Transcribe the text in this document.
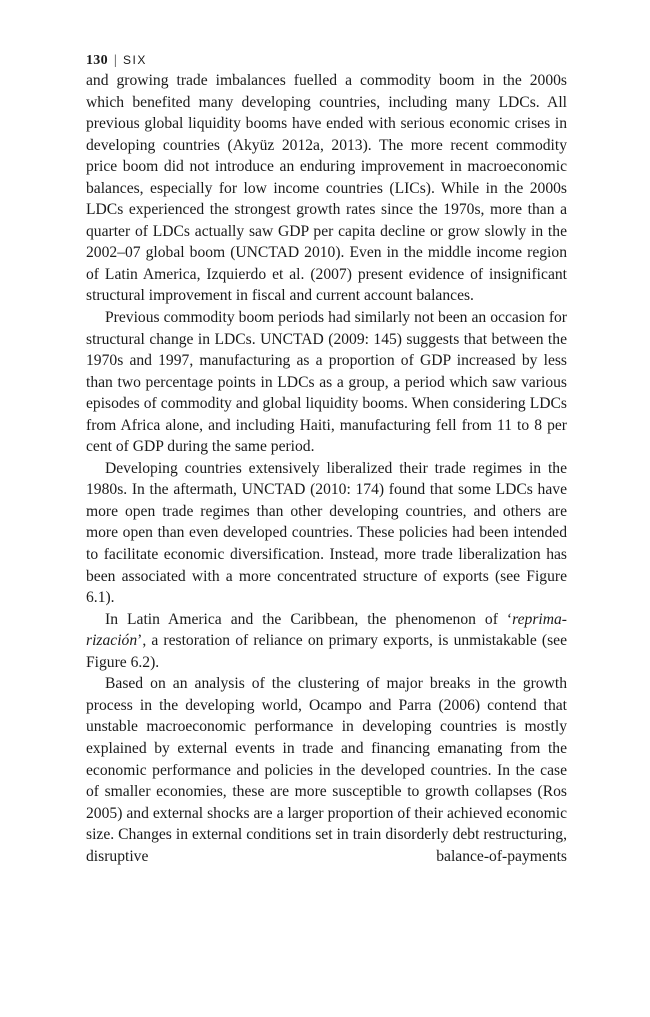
130 | SIX

and growing trade imbalances fuelled a commodity boom in the 2000s which benefited many developing countries, including many LDCs. All previous global liquidity booms have ended with serious economic crises in developing countries (Akyüz 2012a, 2013). The more recent commodity price boom did not introduce an enduring improvement in macroeconomic balances, especially for low income countries (LICs). While in the 2000s LDCs experienced the strongest growth rates since the 1970s, more than a quarter of LDCs actually saw GDP per capita decline or grow slowly in the 2002–07 global boom (UNCTAD 2010). Even in the middle income region of Latin America, Izquierdo et al. (2007) present evidence of insignificant structural improvement in fiscal and current account balances.

Previous commodity boom periods had similarly not been an occasion for structural change in LDCs. UNCTAD (2009: 145) suggests that between the 1970s and 1997, manufacturing as a proportion of GDP increased by less than two percentage points in LDCs as a group, a period which saw various episodes of commodity and global liquidity booms. When considering LDCs from Africa alone, and including Haiti, manufacturing fell from 11 to 8 per cent of GDP during the same period.

Developing countries extensively liberalized their trade regimes in the 1980s. In the aftermath, UNCTAD (2010: 174) found that some LDCs have more open trade regimes than other developing countries, and others are more open than even developed countries. These policies had been intended to facilitate economic diversification. Instead, more trade liberalization has been associated with a more concentrated structure of exports (see Figure 6.1).

In Latin America and the Caribbean, the phenomenon of ‘reprimarización’, a restoration of reliance on primary exports, is unmistakable (see Figure 6.2).

Based on an analysis of the clustering of major breaks in the growth process in the developing world, Ocampo and Parra (2006) contend that unstable macroeconomic performance in developing countries is mostly explained by external events in trade and financing emanating from the economic performance and policies in the developed countries. In the case of smaller economies, these are more susceptible to growth collapses (Ros 2005) and external shocks are a larger proportion of their achieved economic size. Changes in external conditions set in train disorderly debt restructuring, disruptive balance-of-payments
